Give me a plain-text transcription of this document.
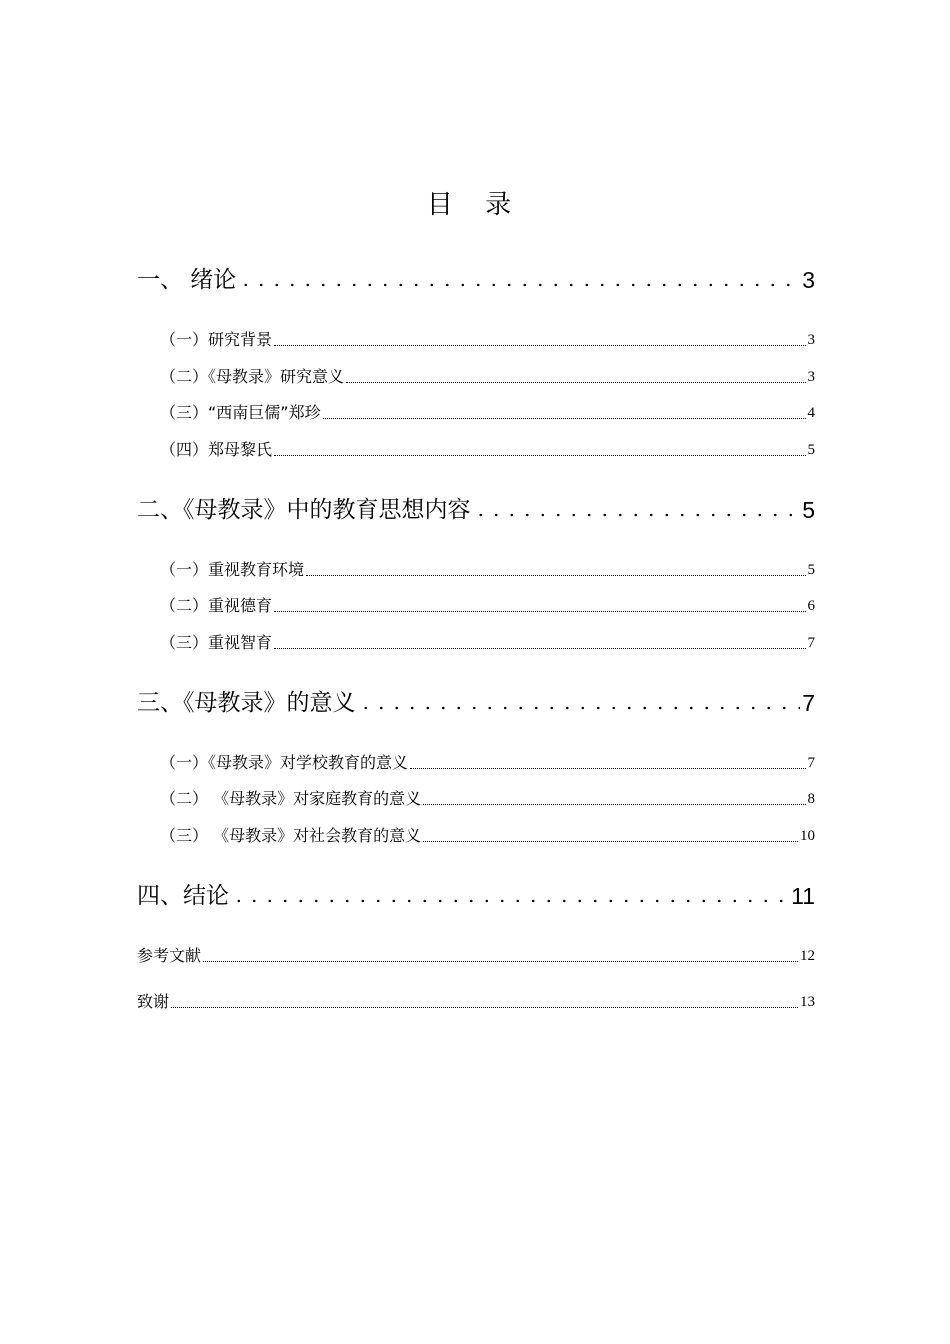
目 录
一、 绪论	3
（一）研究背景	3
（二）《母教录》研究意义	3
（三）“西南巨儒”郑珍	4
（四）郑母黎氏	5
二、《母教录》中的教育思想内容	5
（一）重视教育环境	5
（二）重视德育	6
（三）重视智育	7
三、《母教录》的意义	7
（一）《母教录》对学校教育的意义	7
（二） 《母教录》对家庭教育的意义	8
（三） 《母教录》对社会教育的意义	10
四、结论	11
参考文献	12
致谢	13
